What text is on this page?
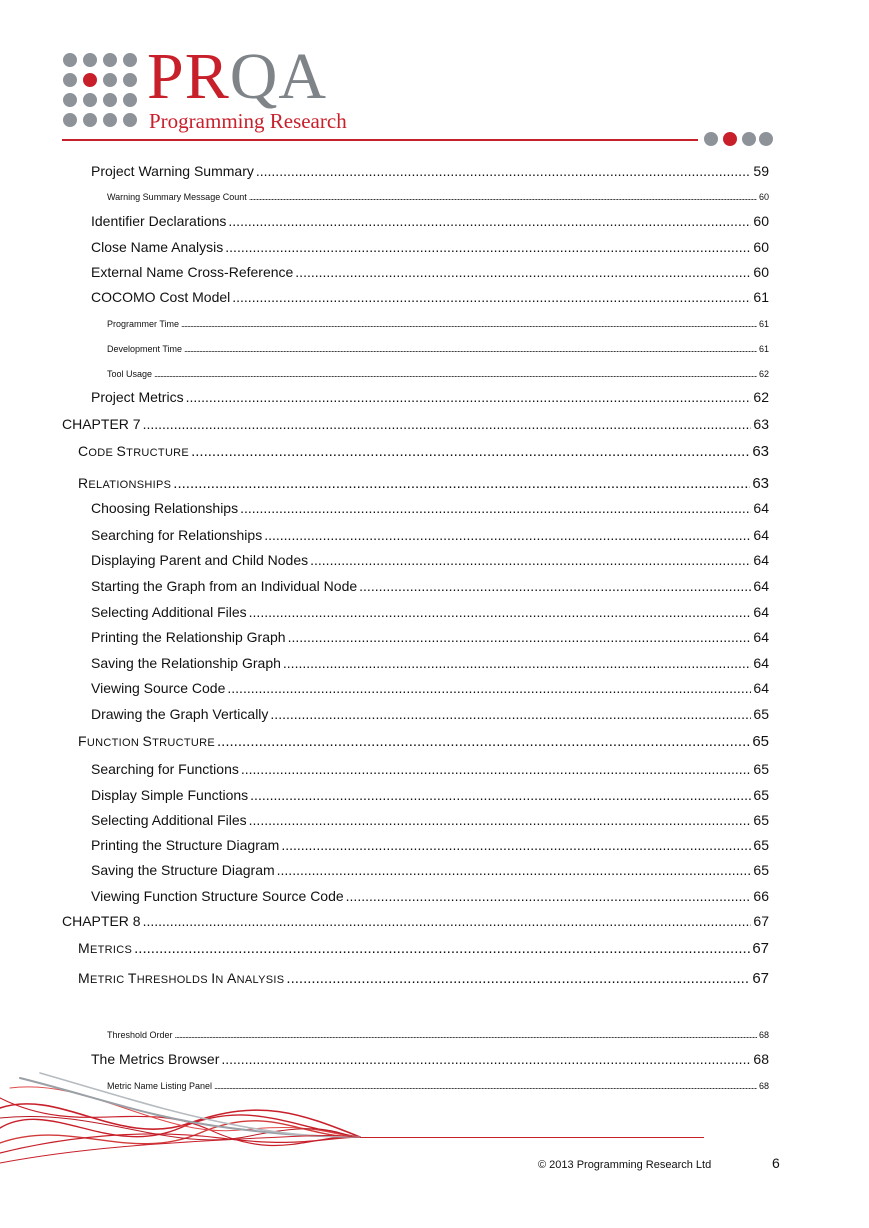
PRQA
Programming Research
Project Warning Summary .....	59
Warning Summary Message Count .....	60
Identifier Declarations .....	60
Close Name Analysis .....	60
External Name Cross-Reference .....	60
COCOMO Cost Model .....	61
Programmer Time .....	61
Development Time .....	61
Tool Usage .....	62
Project Metrics .....	62
CHAPTER 7 .....	63
CODE STRUCTURE .....	63
RELATIONSHIPS .....	63
Choosing Relationships .....	64
Searching for Relationships .....	64
Displaying Parent and Child Nodes .....	64
Starting the Graph from an Individual Node .....	64
Selecting Additional Files .....	64
Printing the Relationship Graph .....	64
Saving the Relationship Graph .....	64
Viewing Source Code .....	64
Drawing the Graph Vertically .....	65
FUNCTION STRUCTURE .....	65
Searching for Functions .....	65
Display Simple Functions .....	65
Selecting Additional Files .....	65
Printing the Structure Diagram .....	65
Saving the Structure Diagram .....	65
Viewing Function Structure Source Code .....	66
CHAPTER 8 .....	67
METRICS .....	67
METRIC THRESHOLDS IN ANALYSIS .....	67
Threshold Order .....	68
The Metrics Browser .....	68
Metric Name Listing Panel .....	68
© 2013 Programming Research Ltd	6
